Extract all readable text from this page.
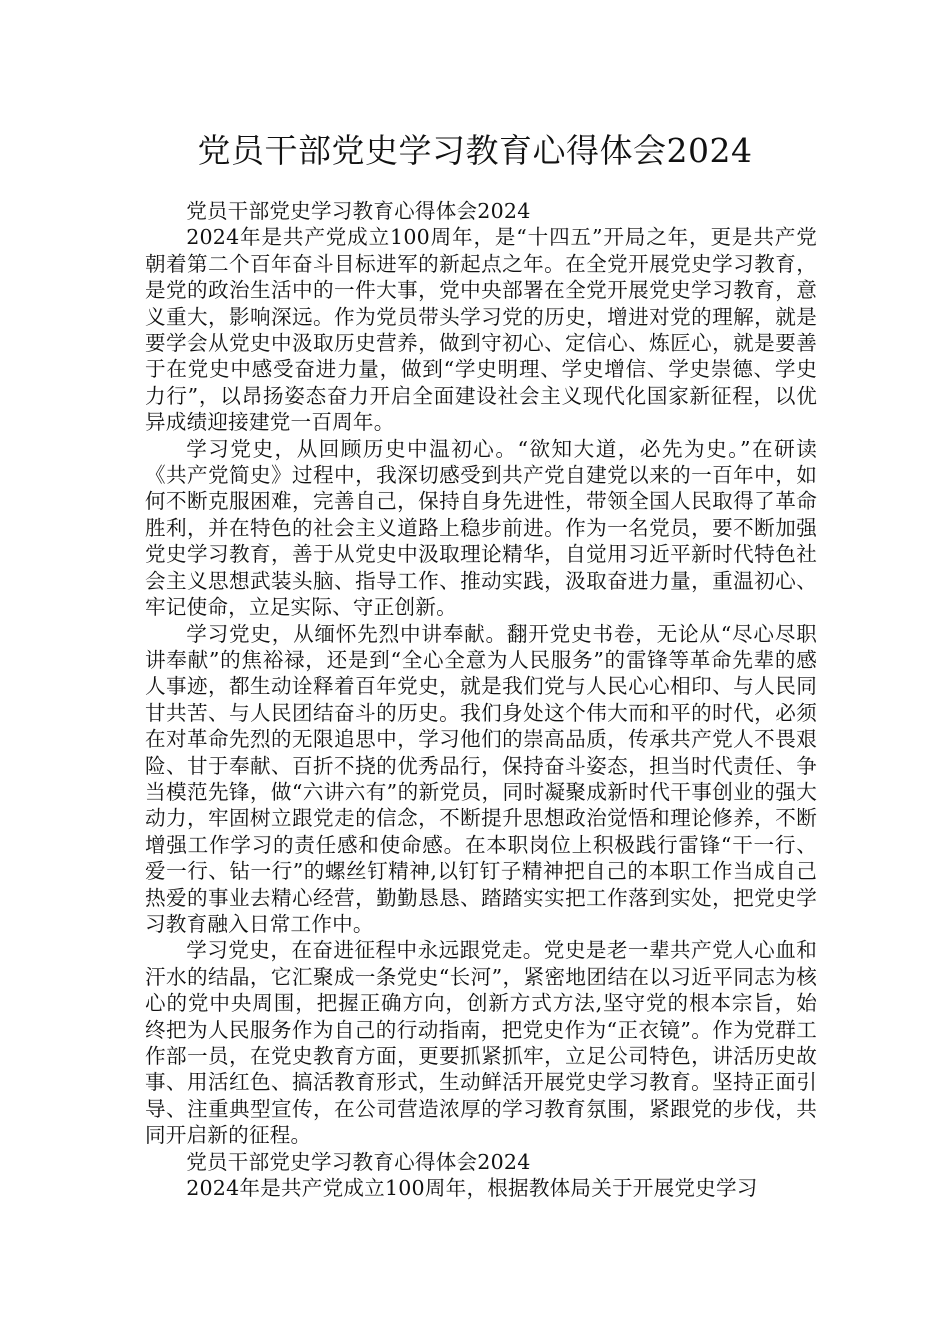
党员干部党史学习教育心得体会2024

党员干部党史学习教育心得体会2024

2024年是共产党成立100周年，是“十四五”开局之年，更是共产党朝着第二个百年奋斗目标进军的新起点之年。在全党开展党史学习教育，是党的政治生活中的一件大事，党中央部署在全党开展党史学习教育，意义重大，影响深远。作为党员带头学习党的历史，增进对党的理解，就是要学会从党史中汲取历史营养，做到守初心、定信心、炼匠心，就是要善于在党史中感受奋进力量，做到“学史明理、学史增信、学史崇德、学史力行”，以昂扬姿态奋力开启全面建设社会主义现代化国家新征程，以优异成绩迎接建党一百周年。

学习党史，从回顾历史中温初心。“欲知大道，必先为史。”在研读《共产党简史》过程中，我深切感受到共产党自建党以来的一百年中，如何不断克服困难，完善自己，保持自身先进性，带领全国人民取得了革命胜利，并在特色的社会主义道路上稳步前进。作为一名党员，要不断加强党史学习教育，善于从党史中汲取理论精华，自觉用习近平新时代特色社会主义思想武装头脑、指导工作、推动实践，汲取奋进力量，重温初心、牢记使命，立足实际、守正创新。

学习党史，从缅怀先烈中讲奉献。翻开党史书卷，无论从“尽心尽职讲奉献”的焦裕禄，还是到“全心全意为人民服务”的雷锋等革命先辈的感人事迹，都生动诠释着百年党史，就是我们党与人民心心相印、与人民同甘共苦、与人民团结奋斗的历史。我们身处这个伟大而和平的时代，必须在对革命先烈的无限追思中，学习他们的崇高品质，传承共产党人不畏艰险、甘于奉献、百折不挠的优秀品行，保持奋斗姿态，担当时代责任、争当模范先锋，做“六讲六有”的新党员，同时凝聚成新时代干事创业的强大动力，牢固树立跟党走的信念，不断提升思想政治觉悟和理论修养，不断增强工作学习的责任感和使命感。在本职岗位上积极践行雷锋“干一行、爱一行、钻一行”的螺丝钉精神,以钉钉子精神把自己的本职工作当成自己热爱的事业去精心经营，勤勤恳恳、踏踏实实把工作落到实处，把党史学习教育融入日常工作中。

学习党史，在奋进征程中永远跟党走。党史是老一辈共产党人心血和汗水的结晶，它汇聚成一条党史“长河”，紧密地团结在以习近平同志为核心的党中央周围，把握正确方向，创新方式方法,坚守党的根本宗旨，始终把为人民服务作为自己的行动指南，把党史作为“正衣镜”。作为党群工作部一员，在党史教育方面，更要抓紧抓牢，立足公司特色，讲活历史故事、用活红色、搞活教育形式，生动鲜活开展党史学习教育。坚持正面引导、注重典型宣传，在公司营造浓厚的学习教育氛围，紧跟党的步伐，共同开启新的征程。

党员干部党史学习教育心得体会2024

2024年是共产党成立100周年，根据教体局关于开展党史学习
